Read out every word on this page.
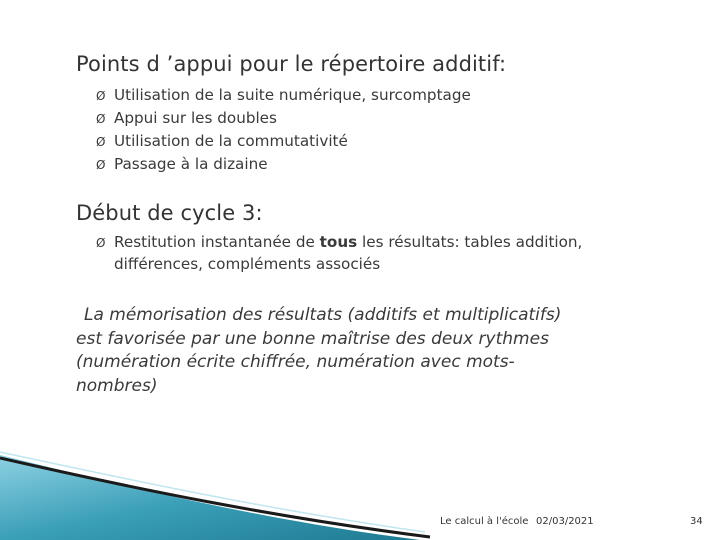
Points d ’appui pour le répertoire additif:
Ø Utilisation de la suite numérique, surcomptage
Ø Appui sur les doubles
Ø Utilisation de la commutativité
Ø Passage à la dizaine
Début de cycle 3:
Ø Restitution instantanée de tous les résultats: tables addition,
différences, compléments associés
La mémorisation des résultats (additifs et multiplicatifs)
est favorisée par une bonne maîtrise des deux rythmes
(numération écrite chiffrée, numération avec mots-
nombres)
Le calcul à l'école 02/03/2021	34
